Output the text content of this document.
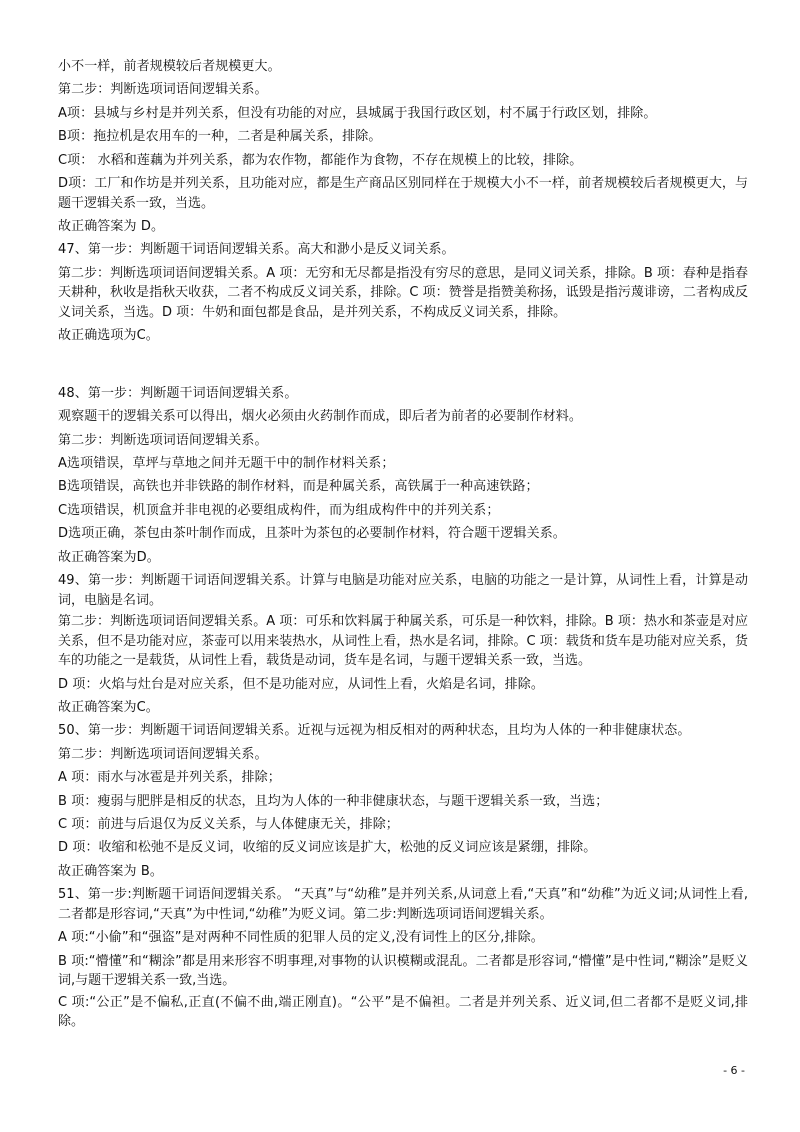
小不一样，前者规模较后者规模更大。
第二步：判断选项词语间逻辑关系。
A项：县城与乡村是并列关系，但没有功能的对应，县城属于我国行政区划，村不属于行政区划，排除。
B项：拖拉机是农用车的一种，二者是种属关系，排除。
C项： 水稻和莲藕为并列关系，都为农作物，都能作为食物，不存在规模上的比较，排除。
D项：工厂和作坊是并列关系，且功能对应，都是生产商品区别同样在于规模大小不一样，前者规模较后者规模更大，与题干逻辑关系一致，当选。
故正确答案为 D。
47、第一步：判断题干词语间逻辑关系。高大和渺小是反义词关系。
第二步：判断选项词语间逻辑关系。A 项：无穷和无尽都是指没有穷尽的意思，是同义词关系，排除。B 项：春种是指春天耕种，秋收是指秋天收获，二者不构成反义词关系，排除。C 项：赞誉是指赞美称扬，诋毁是指污蔑诽谤，二者构成反义词关系，当选。D 项：牛奶和面包都是食品，是并列关系，不构成反义词关系，排除。
故正确选项为C。
48、第一步：判断题干词语间逻辑关系。
观察题干的逻辑关系可以得出，烟火必须由火药制作而成，即后者为前者的必要制作材料。
第二步：判断选项词语间逻辑关系。
A选项错误，草坪与草地之间并无题干中的制作材料关系；
B选项错误，高铁也并非铁路的制作材料，而是种属关系，高铁属于一种高速铁路；
C选项错误，机顶盒并非电视的必要组成构件，而为组成构件中的并列关系；
D选项正确，茶包由茶叶制作而成，且茶叶为茶包的必要制作材料，符合题干逻辑关系。
故正确答案为D。
49、第一步：判断题干词语间逻辑关系。计算与电脑是功能对应关系，电脑的功能之一是计算，从词性上看，计算是动词，电脑是名词。
第二步：判断选项词语间逻辑关系。A 项：可乐和饮料属于种属关系，可乐是一种饮料，排除。B 项：热水和茶壶是对应关系，但不是功能对应，茶壶可以用来装热水，从词性上看，热水是名词，排除。C 项：载货和货车是功能对应关系，货车的功能之一是载货，从词性上看，载货是动词，货车是名词，与题干逻辑关系一致，当选。
D 项：火焰与灶台是对应关系，但不是功能对应，从词性上看，火焰是名词，排除。
故正确答案为C。
50、第一步：判断题干词语间逻辑关系。近视与远视为相反相对的两种状态，且均为人体的一种非健康状态。
第二步：判断选项词语间逻辑关系。
A 项：雨水与冰雹是并列关系，排除；
B 项：瘦弱与肥胖是相反的状态，且均为人体的一种非健康状态，与题干逻辑关系一致，当选；
C 项：前进与后退仅为反义关系，与人体健康无关，排除；
D 项：收缩和松弛不是反义词，收缩的反义词应该是扩大，松弛的反义词应该是紧绷，排除。
故正确答案为 B。
51、第一步:判断题干词语间逻辑关系。 “天真”与“幼稚”是并列关系,从词意上看,“天真”和“幼稚”为近义词;从词性上看,二者都是形容词,“天真”为中性词,“幼稚”为贬义词。第二步:判断选项词语间逻辑关系。
A 项:“小偷”和“强盗”是对两种不同性质的犯罪人员的定义,没有词性上的区分,排除。
B 项:“懵懂”和“糊涂”都是用来形容不明事理,对事物的认识模糊或混乱。二者都是形容词,“懵懂”是中性词,“糊涂”是贬义词,与题干逻辑关系一致,当选。
C 项:“公正”是不偏私,正直(不偏不曲,端正刚直)。“公平”是不偏袒。二者是并列关系、近义词,但二者都不是贬义词,排除。
- 6 -
